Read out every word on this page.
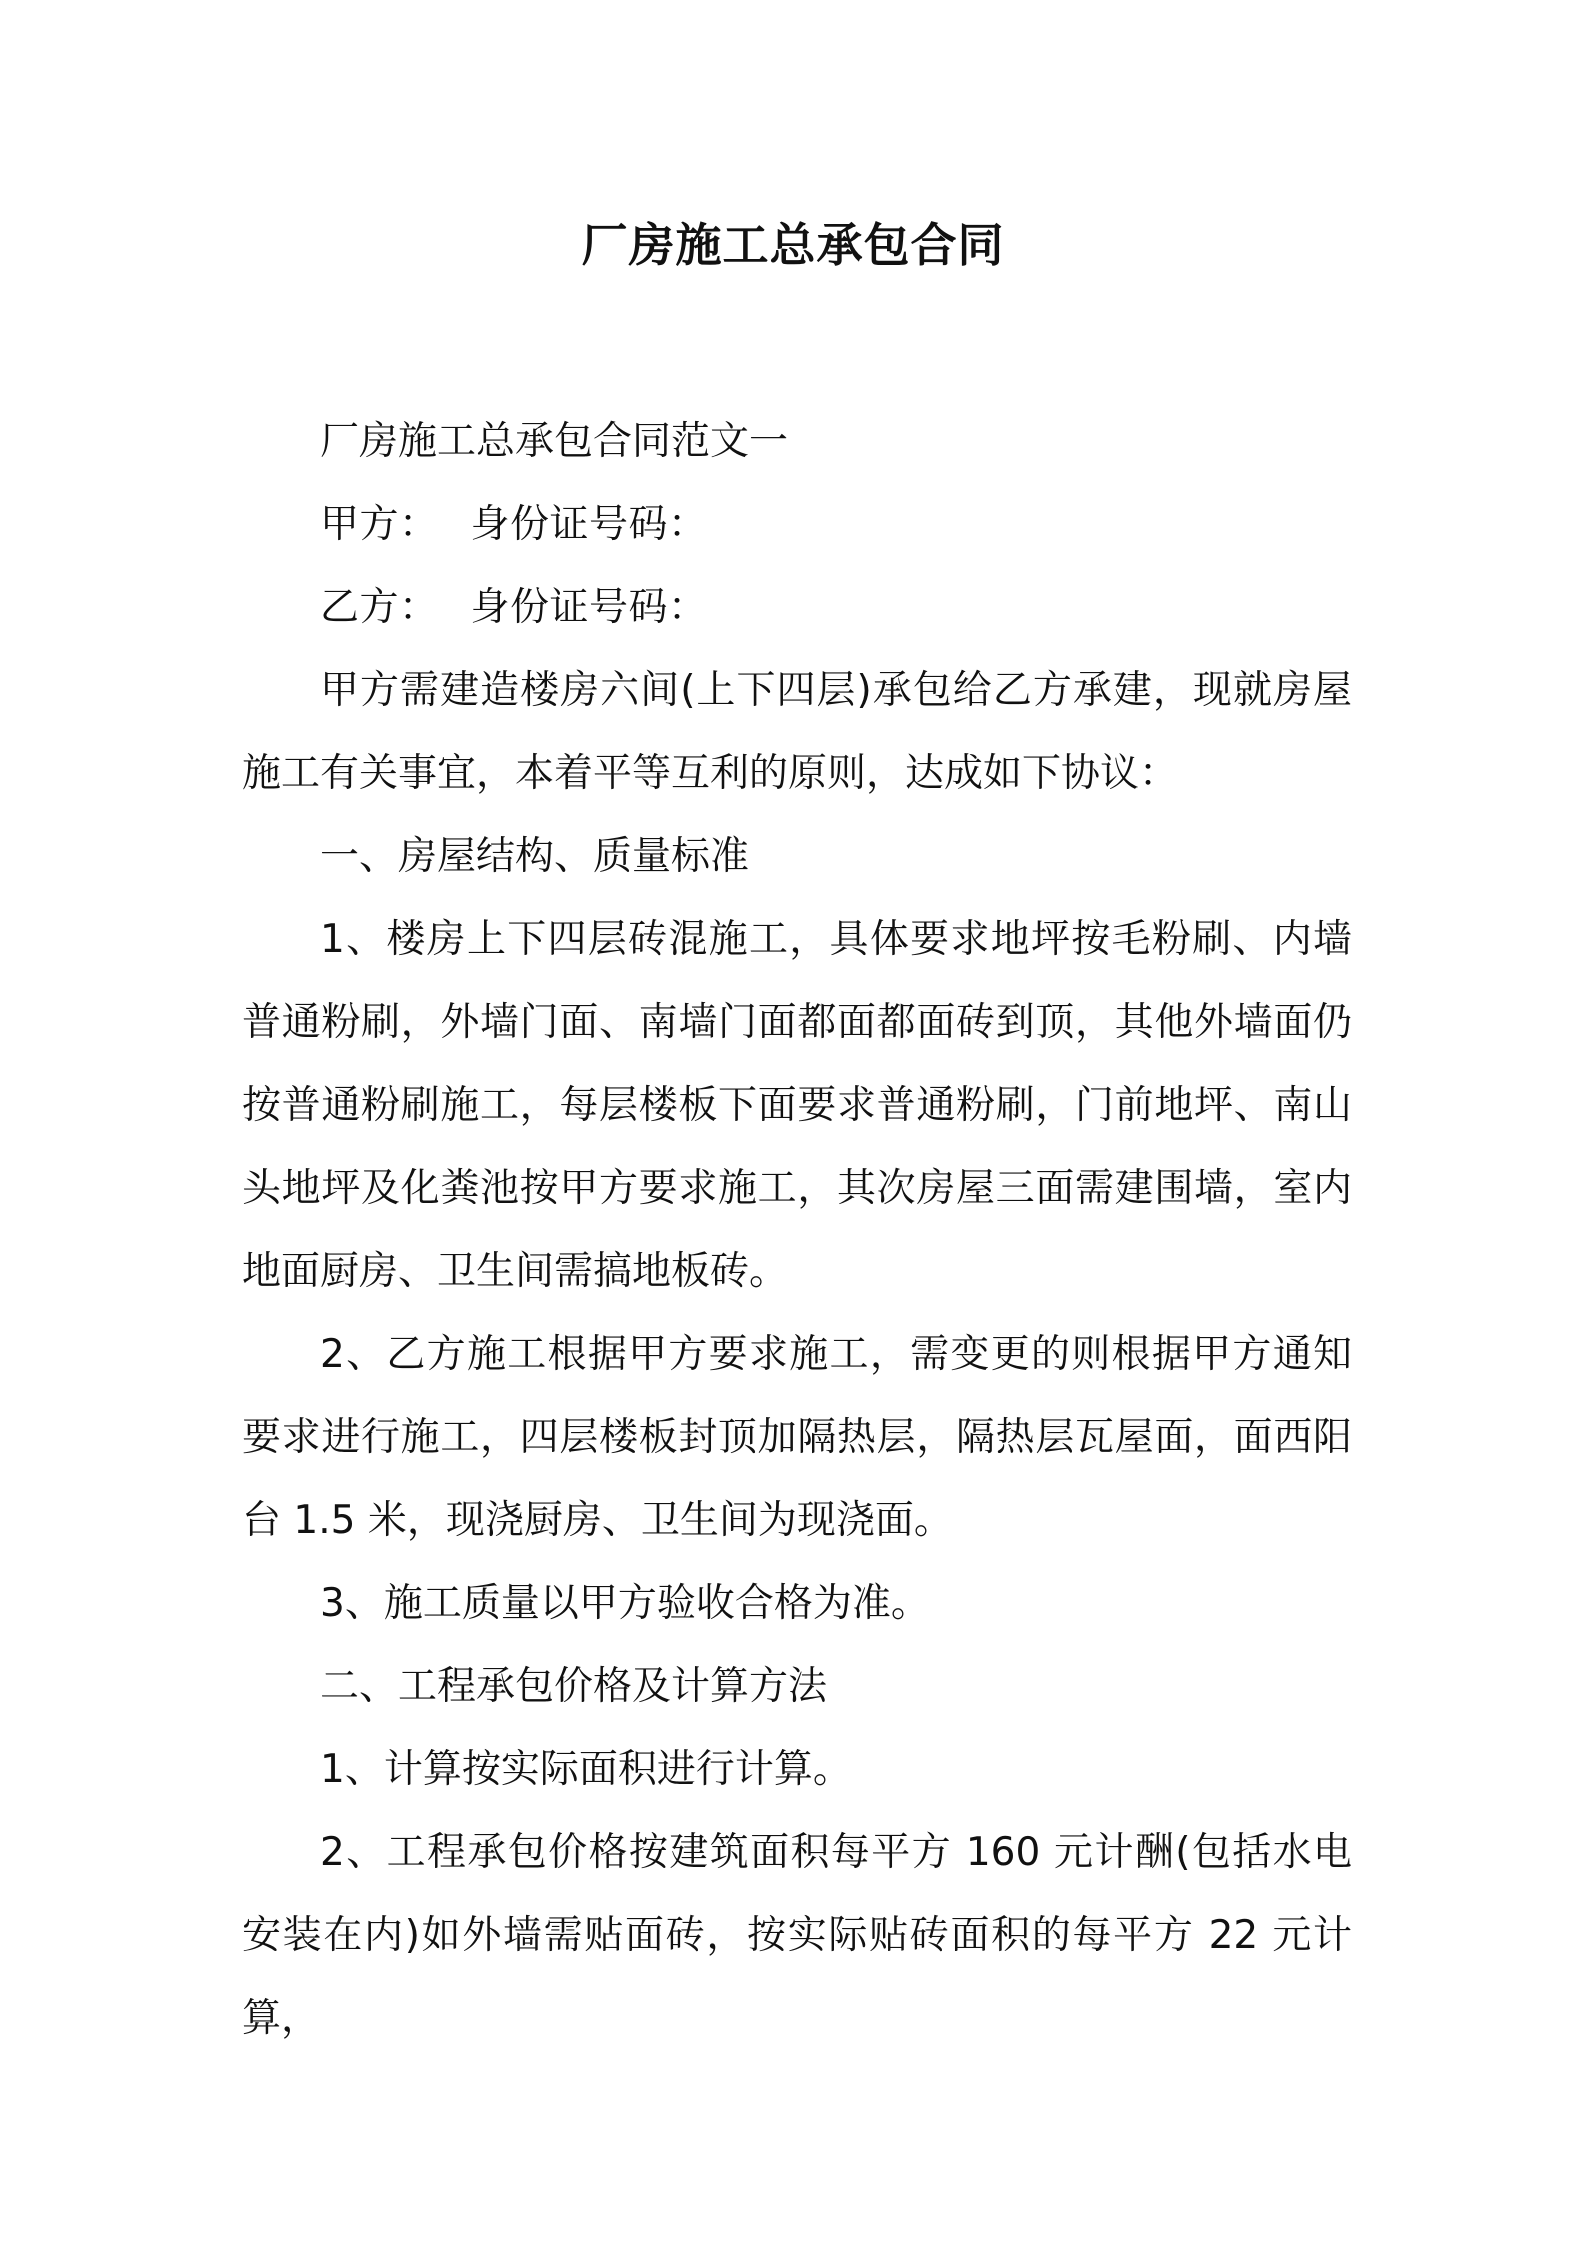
厂房施工总承包合同

厂房施工总承包合同范文一

甲方： 身份证号码：

乙方： 身份证号码：

甲方需建造楼房六间(上下四层)承包给乙方承建，现就房屋施工有关事宜，本着平等互利的原则，达成如下协议：

一、房屋结构、质量标准

1、楼房上下四层砖混施工，具体要求地坪按毛粉刷、内墙普通粉刷，外墙门面、南墙门面都面都面砖到顶，其他外墙面仍按普通粉刷施工，每层楼板下面要求普通粉刷，门前地坪、南山头地坪及化粪池按甲方要求施工，其次房屋三面需建围墙，室内地面厨房、卫生间需搞地板砖。

2、乙方施工根据甲方要求施工，需变更的则根据甲方通知要求进行施工，四层楼板封顶加隔热层，隔热层瓦屋面，面西阳台 1.5 米，现浇厨房、卫生间为现浇面。

3、施工质量以甲方验收合格为准。

二、工程承包价格及计算方法

1、计算按实际面积进行计算。

2、工程承包价格按建筑面积每平方 160 元计酬(包括水电安装在内)如外墙需贴面砖，按实际贴砖面积的每平方 22 元计算，
